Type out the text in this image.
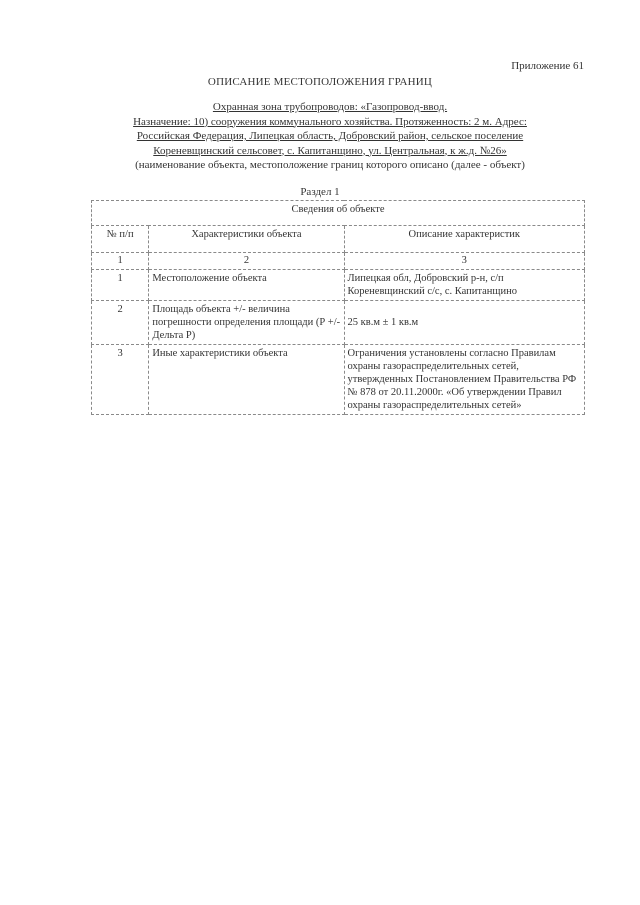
Приложение 61
ОПИСАНИЕ МЕСТОПОЛОЖЕНИЯ ГРАНИЦ
Охранная зона трубопроводов: «Газопровод-ввод.
Назначение: 10) сооружения коммунального хозяйства. Протяженность: 2 м. Адрес:
Российская Федерация, Липецкая область, Добровский район, сельское поселение
Кореневщинский сельсовет, с. Капитанщино, ул. Центральная, к ж.д. №26»
(наименование объекта, местоположение границ которого описано (далее - объект)
Раздел 1
Сведения об объекте		
№ п/п	Характеристики объекта	Описание характеристик
1	2	3
1	Местоположение объекта	Липецкая обл, Добровский р-н, с/п Кореневщинский с/с, с. Капитанщино
2	Площадь объекта +/- величина погрешности определения площади (Р +/- Дельта Р)	25 кв.м ± 1 кв.м
3	Иные характеристики объекта	Ограничения установлены согласно Правилам охраны газораспределительных сетей, утвержденных Постановлением Правительства РФ № 878 от 20.11.2000г. «Об утверждении Правил охраны газораспределительных сетей»
